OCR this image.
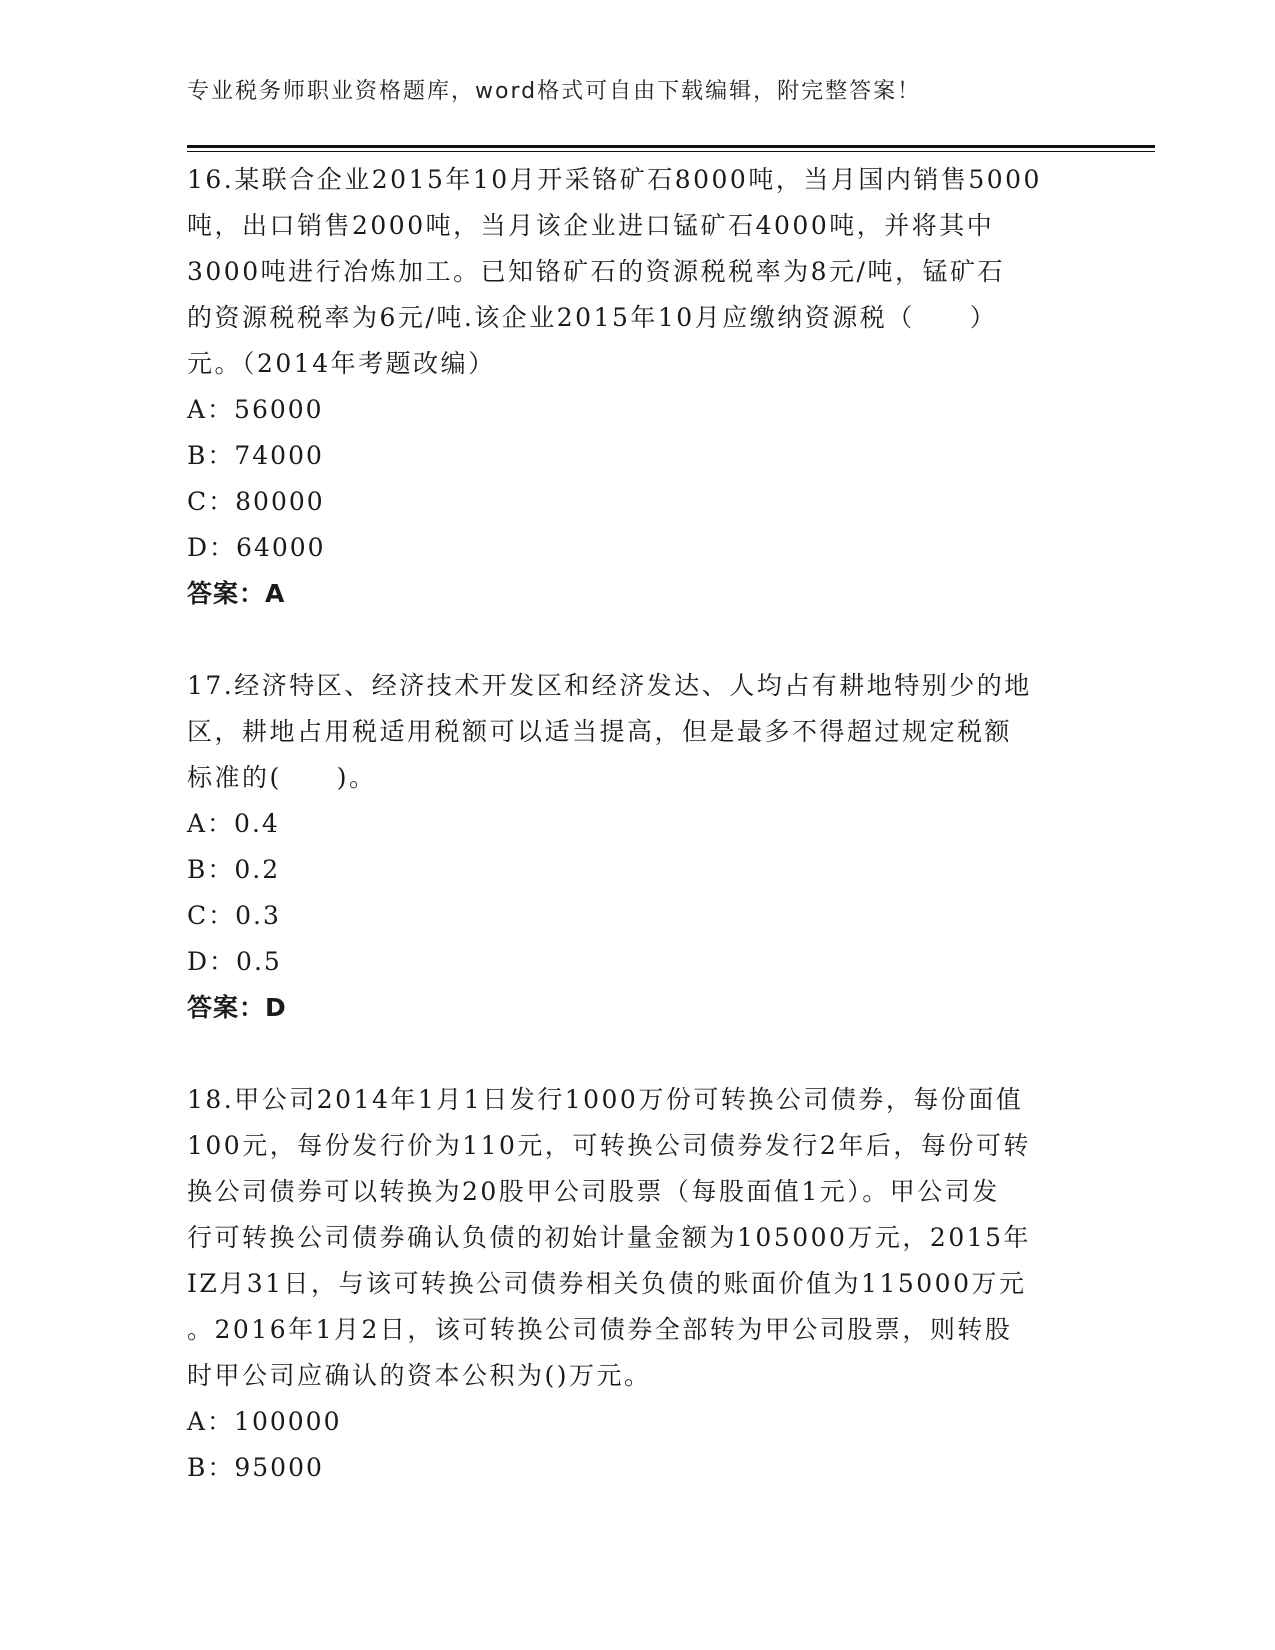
专业税务师职业资格题库，word格式可自由下载编辑，附完整答案！

16.某联合企业2015年10月开采铬矿石8000吨，当月国内销售5000

吨，出口销售2000吨，当月该企业进口锰矿石4000吨，并将其中

3000吨进行冶炼加工。已知铬矿石的资源税税率为8元/吨，锰矿石

的资源税税率为6元/吨.该企业2015年10月应缴纳资源税（　　）

元。（2014年考题改编）

A：56000

B：74000

C：80000

D：64000

答案：A

17.经济特区、经济技术开发区和经济发达、人均占有耕地特别少的地

区，耕地占用税适用税额可以适当提高，但是最多不得超过规定税额

标准的(　　)。

A：0.4

B：0.2

C：0.3

D：0.5

答案：D

18.甲公司2014年1月1日发行1000万份可转换公司债券，每份面值

100元，每份发行价为110元，可转换公司债券发行2年后，每份可转

换公司债券可以转换为20股甲公司股票（每股面值1元）。甲公司发

行可转换公司债券确认负债的初始计量金额为105000万元，2015年

IZ月31日，与该可转换公司债券相关负债的账面价值为115000万元

。2016年1月2日，该可转换公司债券全部转为甲公司股票，则转股

时甲公司应确认的资本公积为()万元。

A：100000

B：95000
